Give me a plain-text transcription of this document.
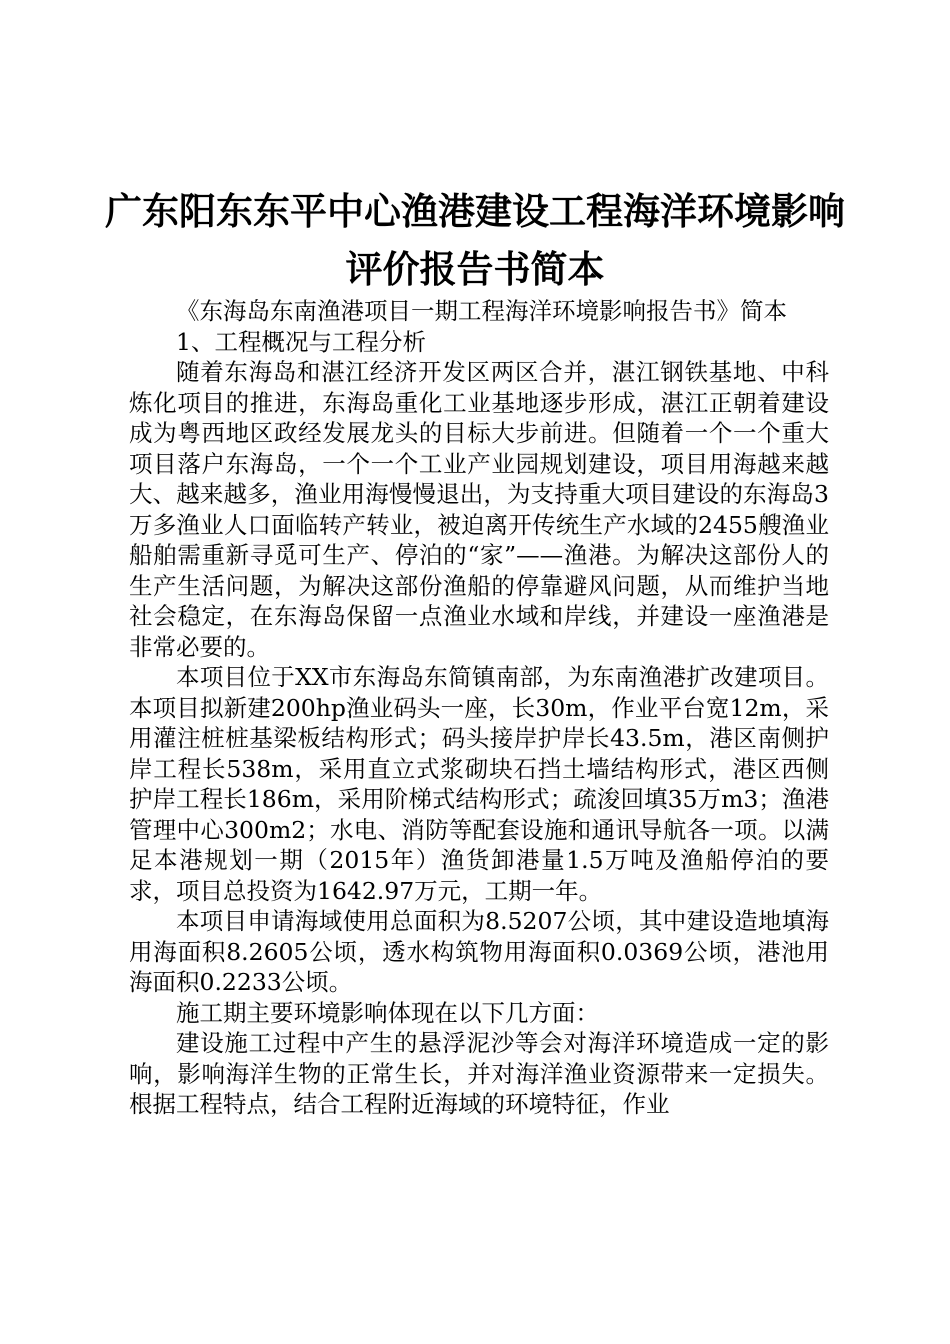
广东阳东东平中心渔港建设工程海洋环境影响评价报告书简本

《东海岛东南渔港项目一期工程海洋环境影响报告书》简本

1、工程概况与工程分析

随着东海岛和湛江经济开发区两区合并，湛江钢铁基地、中科炼化项目的推进，东海岛重化工业基地逐步形成，湛江正朝着建设成为粤西地区政经发展龙头的目标大步前进。但随着一个一个重大项目落户东海岛，一个一个工业产业园规划建设，项目用海越来越大、越来越多，渔业用海慢慢退出，为支持重大项目建设的东海岛3万多渔业人口面临转产转业，被迫离开传统生产水域的2455艘渔业船舶需重新寻觅可生产、停泊的“家”——渔港。为解决这部份人的生产生活问题，为解决这部份渔船的停靠避风问题，从而维护当地社会稳定，在东海岛保留一点渔业水域和岸线，并建设一座渔港是非常必要的。

本项目位于XX市东海岛东简镇南部，为东南渔港扩改建项目。本项目拟新建200hp渔业码头一座，长30m，作业平台宽12m，采用灌注桩桩基梁板结构形式；码头接岸护岸长43.5m，港区南侧护岸工程长538m，采用直立式浆砌块石挡土墙结构形式，港区西侧护岸工程长186m，采用阶梯式结构形式；疏浚回填35万m3；渔港管理中心300m2；水电、消防等配套设施和通讯导航各一项。以满足本港规划一期（2015年）渔货卸港量1.5万吨及渔船停泊的要求，项目总投资为1642.97万元，工期一年。

本项目申请海域使用总面积为8.5207公顷，其中建设造地填海用海面积8.2605公顷，透水构筑物用海面积0.0369公顷，港池用海面积0.2233公顷。

施工期主要环境影响体现在以下几方面：

建设施工过程中产生的悬浮泥沙等会对海洋环境造成一定的影响，影响海洋生物的正常生长，并对海洋渔业资源带来一定损失。根据工程特点，结合工程附近海域的环境特征，作业
